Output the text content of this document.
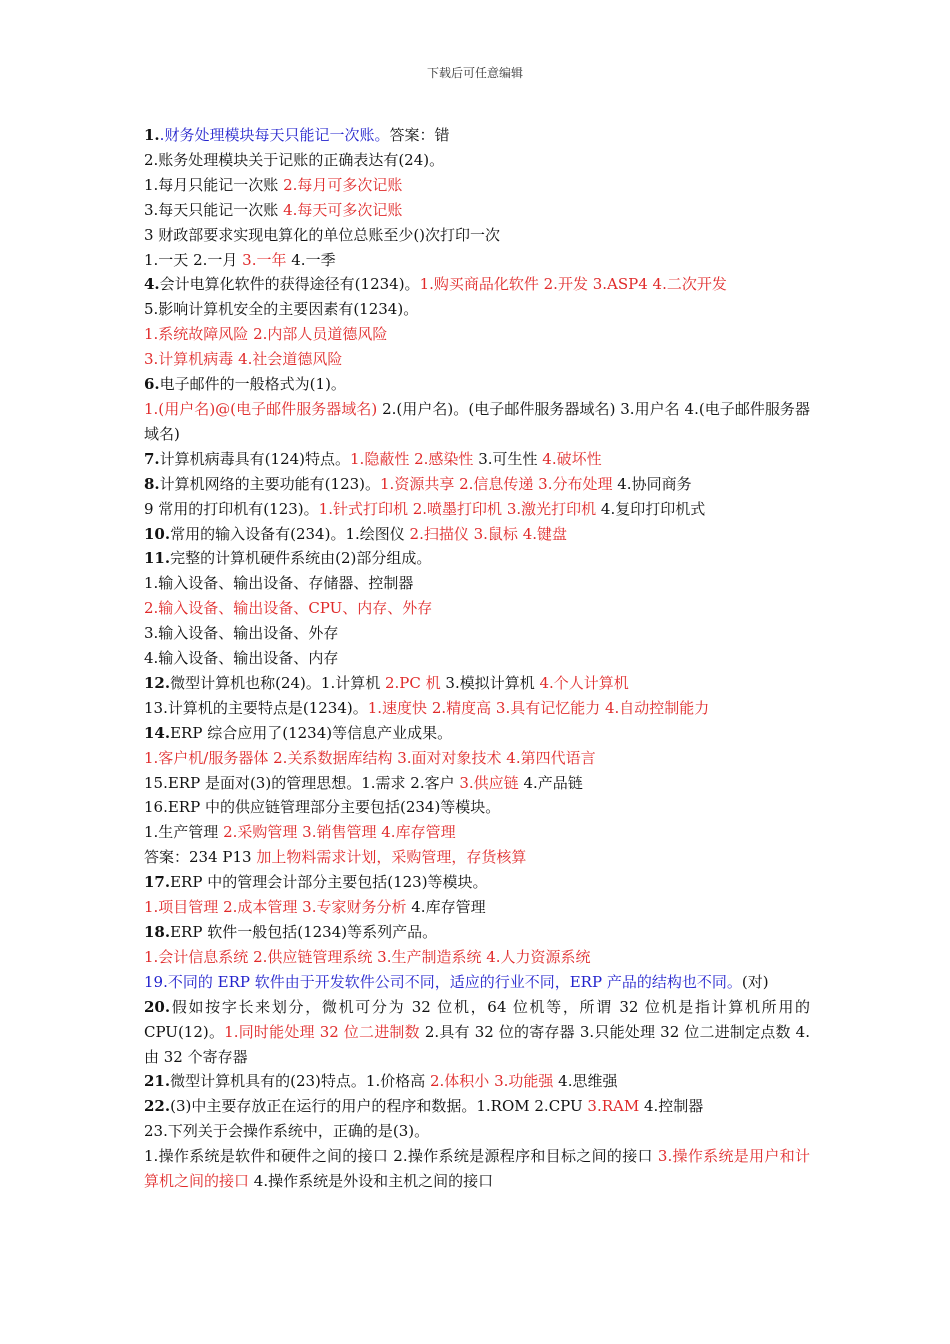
下载后可任意编辑
1..财务处理模块每天只能记一次账。答案：错
2.账务处理模块关于记账的正确表达有(24)。
1.每月只能记一次账 2.每月可多次记账
3.每天只能记一次账 4.每天可多次记账
3 财政部要求实现电算化的单位总账至少()次打印一次
1.一天 2.一月 3.一年 4.一季
4.会计电算化软件的获得途径有(1234)。1.购买商品化软件 2.开发 3.ASP4 4.二次开发
5.影响计算机安全的主要因素有(1234)。
1.系统故障风险 2.内部人员道德风险
3.计算机病毒 4.社会道德风险
6.电子邮件的一般格式为(1)。
1.(用户名)@(电子邮件服务器域名) 2.(用户名)。(电子邮件服务器域名) 3.用户名 4.(电子邮件服务器域名)
7.计算机病毒具有(124)特点。1.隐蔽性 2.感染性 3.可生性 4.破坏性
8.计算机网络的主要功能有(123)。1.资源共享 2.信息传递 3.分布处理 4.协同商务
9 常用的打印机有(123)。1.针式打印机 2.喷墨打印机 3.激光打印机 4.复印打印机式
10.常用的输入设备有(234)。1.绘图仪 2.扫描仪 3.鼠标 4.键盘
11.完整的计算机硬件系统由(2)部分组成。
1.输入设备、输出设备、存储器、控制器
2.输入设备、输出设备、CPU、内存、外存
3.输入设备、输出设备、外存
4.输入设备、输出设备、内存
12.微型计算机也称(24)。1.计算机 2.PC 机 3.模拟计算机 4.个人计算机
13.计算机的主要特点是(1234)。1.速度快 2.精度高 3.具有记忆能力 4.自动控制能力
14.ERP 综合应用了(1234)等信息产业成果。
1.客户机/服务器体 2.关系数据库结构 3.面对对象技术 4.第四代语言
15.ERP 是面对(3)的管理思想。1.需求 2.客户 3.供应链 4.产品链
16.ERP 中的供应链管理部分主要包括(234)等模块。
1.生产管理 2.采购管理 3.销售管理 4.库存管理
答案：234 P13 加上物料需求计划，采购管理，存货核算
17.ERP 中的管理会计部分主要包括(123)等模块。
1.项目管理 2.成本管理 3.专家财务分析 4.库存管理
18.ERP 软件一般包括(1234)等系列产品。
1.会计信息系统 2.供应链管理系统 3.生产制造系统 4.人力资源系统
19.不同的 ERP 软件由于开发软件公司不同，适应的行业不同，ERP 产品的结构也不同。(对)
20.假如按字长来划分，微机可分为 32 位机，64 位机等，所谓 32 位机是指计算机所用的 CPU(12)。1.同时能处理 32 位二进制数 2.具有 32 位的寄存器 3.只能处理 32 位二进制定点数 4.由 32 个寄存器
21.微型计算机具有的(23)特点。1.价格高 2.体积小 3.功能强 4.思维强
22.(3)中主要存放正在运行的用户的程序和数据。1.ROM 2.CPU 3.RAM 4.控制器
23.下列关于会操作系统中，正确的是(3)。
1.操作系统是软件和硬件之间的接口 2.操作系统是源程序和目标之间的接口 3.操作系统是用户和计算机之间的接口 4.操作系统是外设和主机之间的接口
